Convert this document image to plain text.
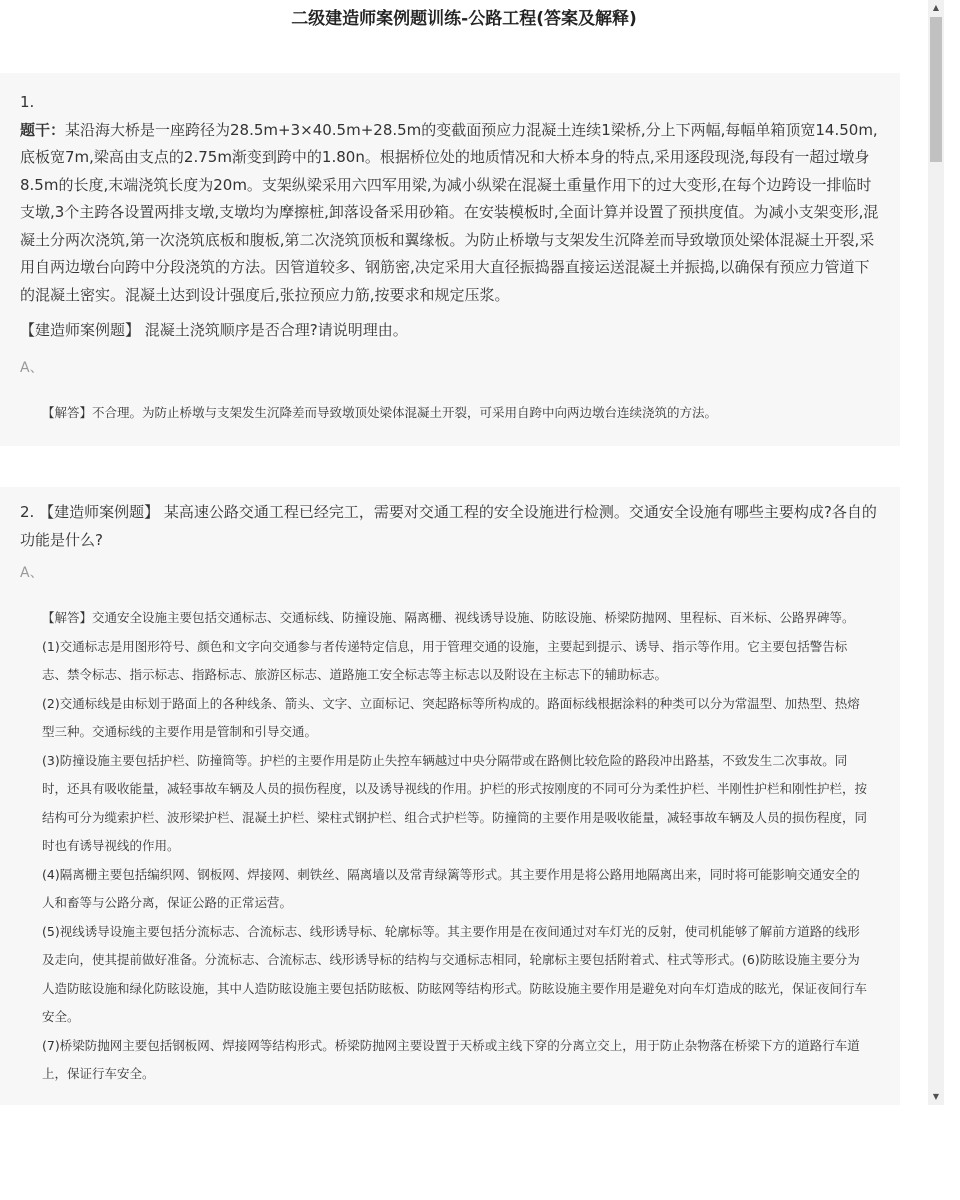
二级建造师案例题训练-公路工程(答案及解释)
1.
题干：某沿海大桥是一座跨径为28.5m+3×40.5m+28.5m的变截面预应力混凝土连续1梁桥,分上下两幅,每幅单箱顶宽14.50m,底板宽7m,梁高由支点的2.75m渐变到跨中的1.80n。根据桥位处的地质情况和大桥本身的特点,采用逐段现浇,每段有一超过墩身8.5m的长度,末端浇筑长度为20m。支架纵梁采用六四军用梁,为减小纵梁在混凝土重量作用下的过大变形,在每个边跨设一排临时支墩,3个主跨各设置两排支墩,支墩均为摩擦桩,卸落设备采用砂箱。在安装模板时,全面计算并设置了预拱度值。为减小支架变形,混凝土分两次浇筑,第一次浇筑底板和腹板,第二次浇筑顶板和翼缘板。为防止桥墩与支架发生沉降差而导致墩顶处梁体混凝土开裂,采用自两边墩台向跨中分段浇筑的方法。因管道较多、钢筋密,决定采用大直径振捣器直接运送混凝土并振捣,以确保有预应力管道下的混凝土密实。混凝土达到设计强度后,张拉预应力筋,按要求和规定压浆。
【建造师案例题】 混凝土浇筑顺序是否合理?请说明理由。
A、

【解答】不合理。为防止桥墩与支架发生沉降差而导致墩顶处梁体混凝土开裂，可采用自跨中向两边墩台连续浇筑的方法。

2. 【建造师案例题】 某高速公路交通工程已经完工，需要对交通工程的安全设施进行检测。交通安全设施有哪些主要构成?各自的功能是什么?
A、

【解答】交通安全设施主要包括交通标志、交通标线、防撞设施、隔离栅、视线诱导设施、防眩设施、桥梁防抛网、里程标、百米标、公路界碑等。

(1)交通标志是用图形符号、颜色和文字向交通参与者传递特定信息，用于管理交通的设施，主要起到提示、诱导、指示等作用。它主要包括警告标志、禁令标志、指示标志、指路标志、旅游区标志、道路施工安全标志等主标志以及附设在主标志下的辅助标志。

(2)交通标线是由标划于路面上的各种线条、箭头、文字、立面标记、突起路标等所构成的。路面标线根据涂料的种类可以分为常温型、加热型、热熔型三种。交通标线的主要作用是管制和引导交通。

(3)防撞设施主要包括护栏、防撞筒等。护栏的主要作用是防止失控车辆越过中央分隔带或在路侧比较危险的路段冲出路基，不致发生二次事故。同时，还具有吸收能量，减轻事故车辆及人员的损伤程度，以及诱导视线的作用。护栏的形式按刚度的不同可分为柔性护栏、半刚性护栏和刚性护栏，按结构可分为缆索护栏、波形梁护栏、混凝土护栏、梁柱式钢护栏、组合式护栏等。防撞筒的主要作用是吸收能量，减轻事故车辆及人员的损伤程度，同时也有诱导视线的作用。

(4)隔离栅主要包括编织网、钢板网、焊接网、刺铁丝、隔离墙以及常青绿篱等形式。其主要作用是将公路用地隔离出来，同时将可能影响交通安全的人和畜等与公路分离，保证公路的正常运营。

(5)视线诱导设施主要包括分流标志、合流标志、线形诱导标、轮廓标等。其主要作用是在夜间通过对车灯光的反射，使司机能够了解前方道路的线形及走向，使其提前做好准备。分流标志、合流标志、线形诱导标的结构与交通标志相同，轮廓标主要包括附着式、柱式等形式。(6)防眩设施主要分为人造防眩设施和绿化防眩设施，其中人造防眩设施主要包括防眩板、防眩网等结构形式。防眩设施主要作用是避免对向车灯造成的眩光，保证夜间行车安全。

(7)桥梁防抛网主要包括钢板网、焊接网等结构形式。桥梁防抛网主要设置于天桥或主线下穿的分离立交上，用于防止杂物落在桥梁下方的道路行车道上，保证行车安全。

▲
▼
